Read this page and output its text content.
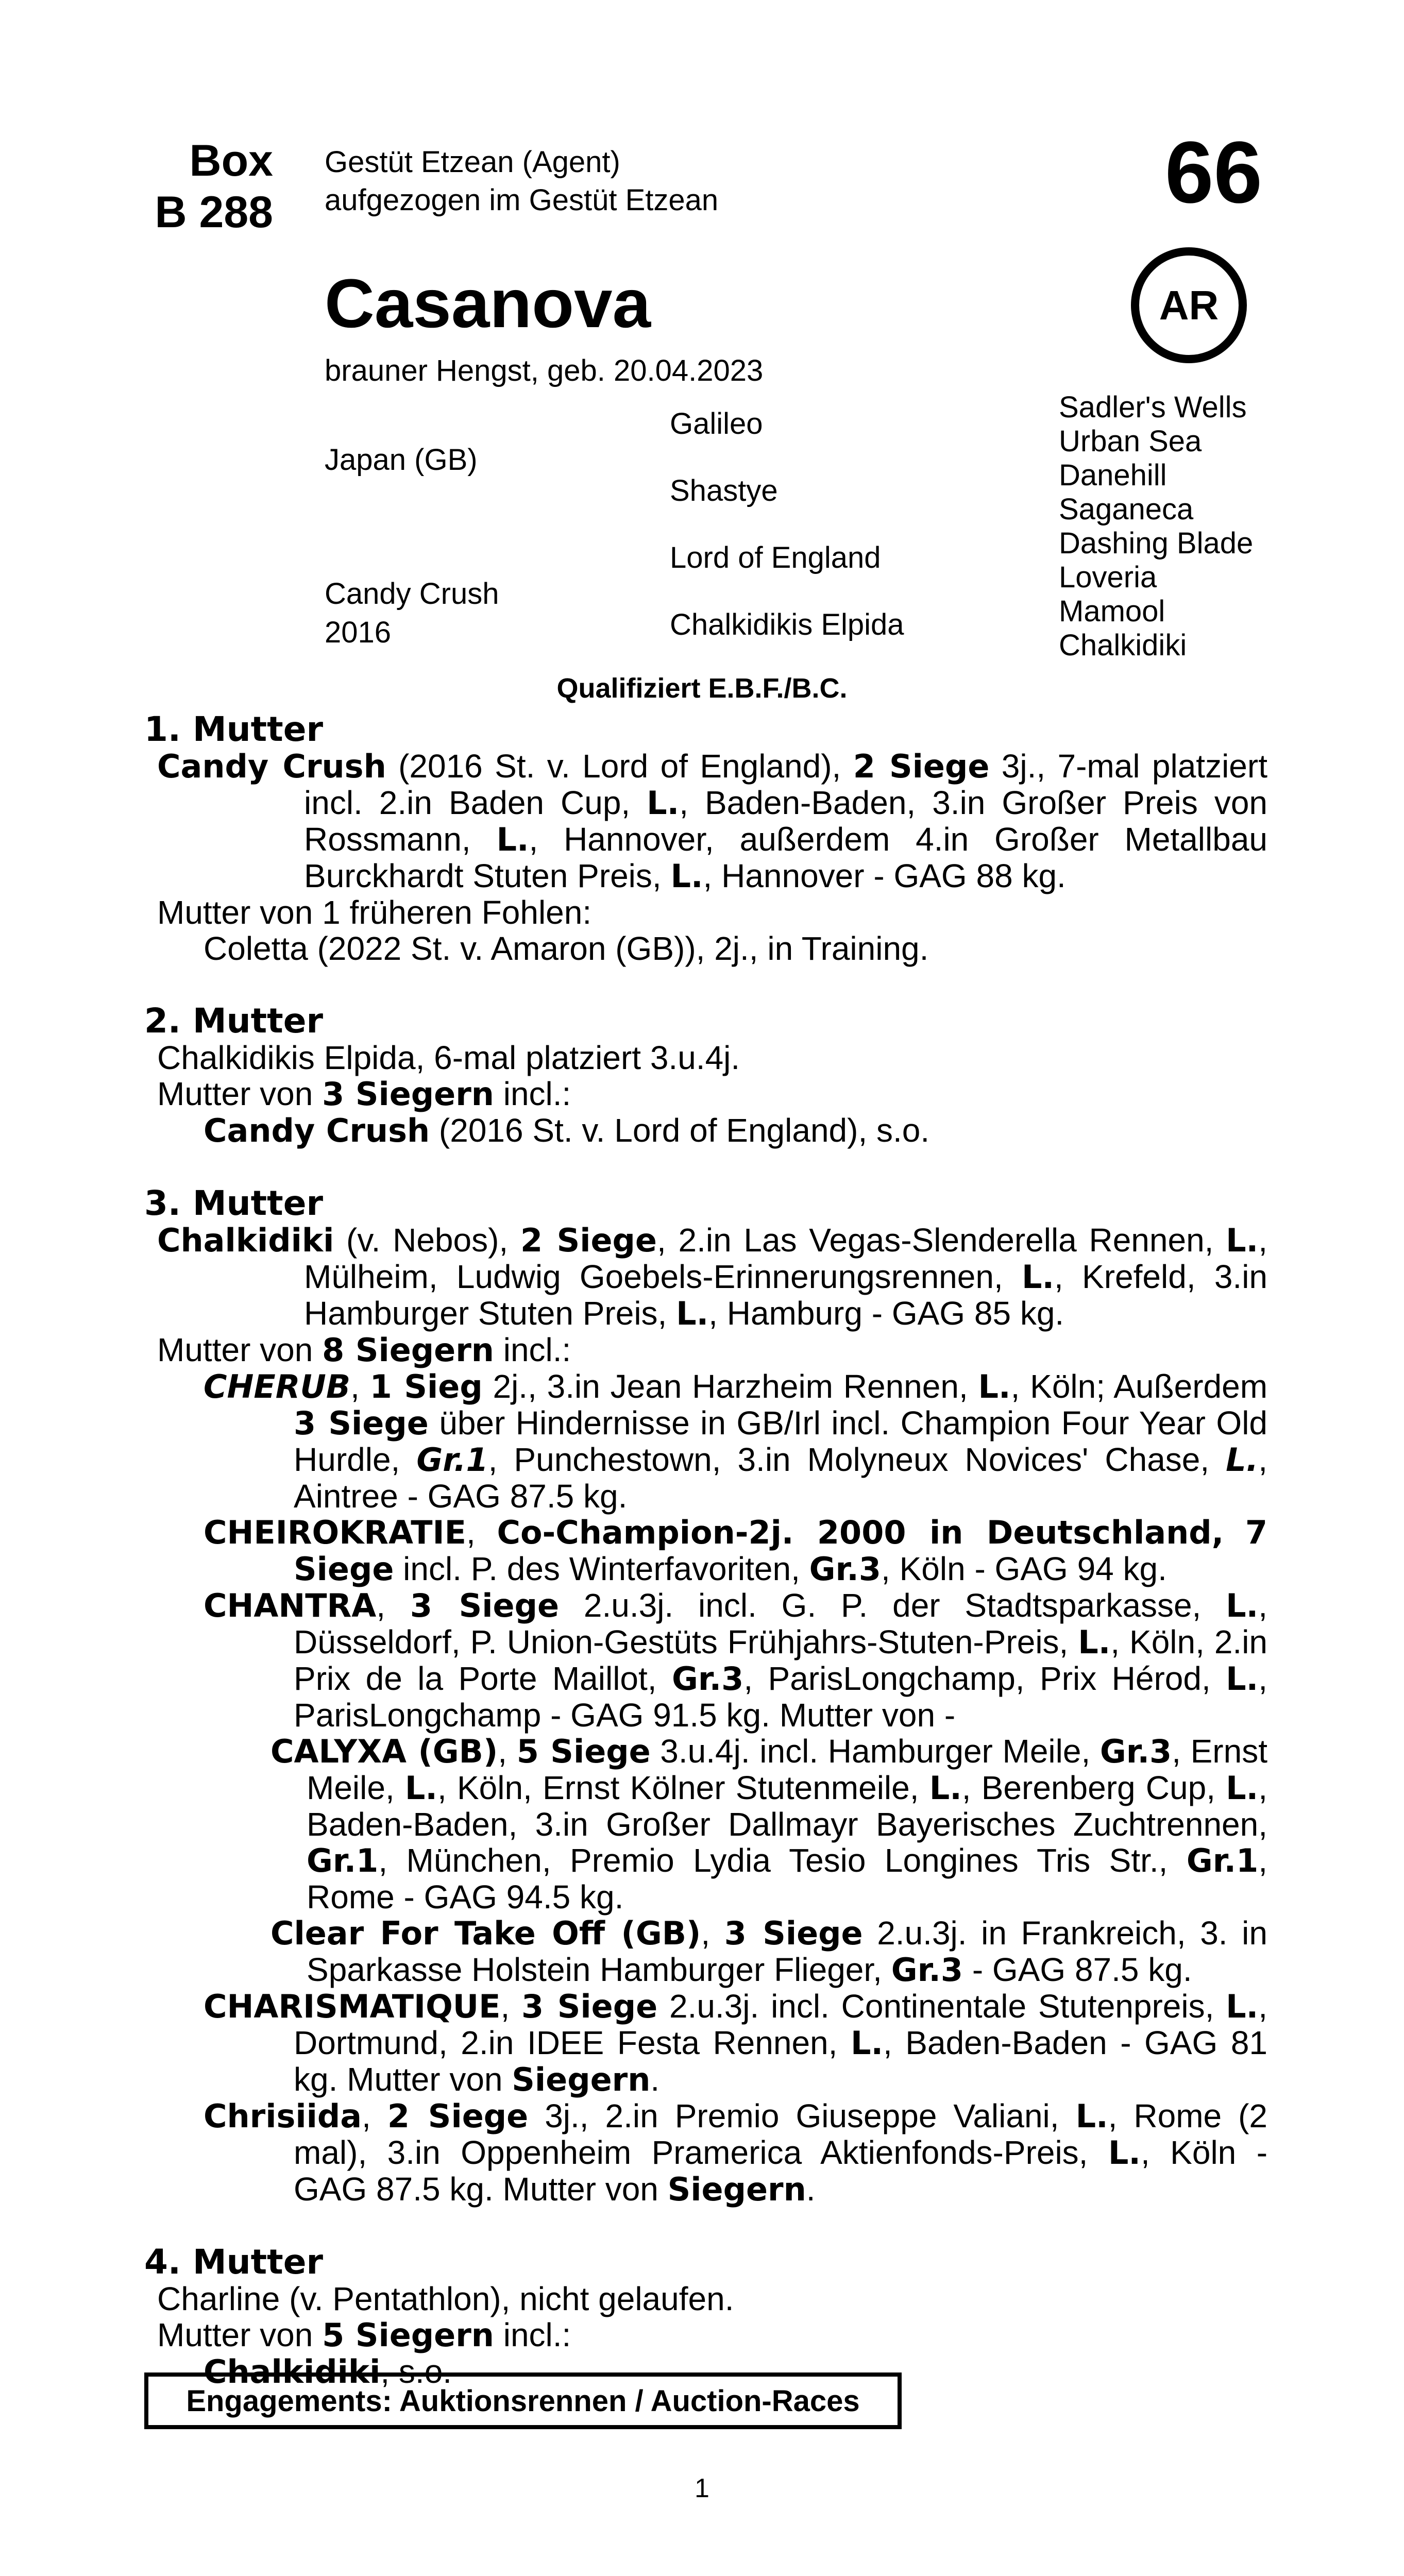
Box
B 288
Gestüt Etzean (Agent)
aufgezogen im Gestüt Etzean	66
AR
Casanova
brauner Hengst, geb. 20.04.2023
Japan (GB)
Candy Crush
2016
Galileo
Shastye
Lord of England
Chalkidikis Elpida
Sadler's Wells
Urban Sea
Danehill
Saganeca
Dashing Blade
Loveria
Mamool
Chalkidiki
Qualifiziert E.B.F./B.C.
1. Mutter
Candy Crush (2016 St. v. Lord of England), 2 Siege 3j., 7-mal platziert incl. 2.in Baden Cup, L., Baden-Baden, 3.in Großer Preis von Rossmann, L., Hannover, außerdem 4.in Großer Metallbau Burckhardt Stuten Preis, L., Hannover - GAG 88 kg.
Mutter von 1 früheren Fohlen:
Coletta (2022 St. v. Amaron (GB)), 2j., in Training.
2. Mutter
Chalkidikis Elpida, 6-mal platziert 3.u.4j.
Mutter von 3 Siegern incl.:
Candy Crush (2016 St. v. Lord of England), s.o.
3. Mutter
Chalkidiki (v. Nebos), 2 Siege, 2.in Las Vegas-Slenderella Rennen, L., Mülheim, Ludwig Goebels-Erinnerungsrennen, L., Krefeld, 3.in Hamburger Stuten Preis, L., Hamburg - GAG 85 kg.
Mutter von 8 Siegern incl.:
CHERUB, 1 Sieg 2j., 3.in Jean Harzheim Rennen, L., Köln; Außerdem 3 Siege über Hindernisse in GB/Irl incl. Champion Four Year Old Hurdle, Gr.1, Punchestown, 3.in Molyneux Novices' Chase, L., Aintree - GAG 87.5 kg.
CHEIROKRATIE, Co-Champion-2j. 2000 in Deutschland, 7 Siege incl. P. des Winterfavoriten, Gr.3, Köln - GAG 94 kg.
CHANTRA, 3 Siege 2.u.3j. incl. G. P. der Stadtsparkasse, L., Düsseldorf, P. Union-Gestüts Frühjahrs-Stuten-Preis, L., Köln, 2.in Prix de la Porte Maillot, Gr.3, ParisLongchamp, Prix Hérod, L., ParisLongchamp - GAG 91.5 kg. Mutter von -
CALYXA (GB), 5 Siege 3.u.4j. incl. Hamburger Meile, Gr.3, Ernst Meile, L., Köln, Ernst Kölner Stutenmeile, L., Berenberg Cup, L., Baden-Baden, 3.in Großer Dallmayr Bayerisches Zuchtrennen, Gr.1, München, Premio Lydia Tesio Longines Tris Str., Gr.1, Rome - GAG 94.5 kg.
Clear For Take Off (GB), 3 Siege 2.u.3j. in Frankreich, 3. in Sparkasse Holstein Hamburger Flieger, Gr.3 - GAG 87.5 kg.
CHARISMATIQUE, 3 Siege 2.u.3j. incl. Continentale Stutenpreis, L., Dortmund, 2.in IDEE Festa Rennen, L., Baden-Baden - GAG 81 kg. Mutter von Siegern.
Chrisiida, 2 Siege 3j., 2.in Premio Giuseppe Valiani, L., Rome (2 mal), 3.in Oppenheim Pramerica Aktienfonds-Preis, L., Köln - GAG 87.5 kg. Mutter von Siegern.
4. Mutter
Charline (v. Pentathlon), nicht gelaufen.
Mutter von 5 Siegern incl.:
Chalkidiki, s.o.
Engagements: Auktionsrennen / Auction-Races
1
